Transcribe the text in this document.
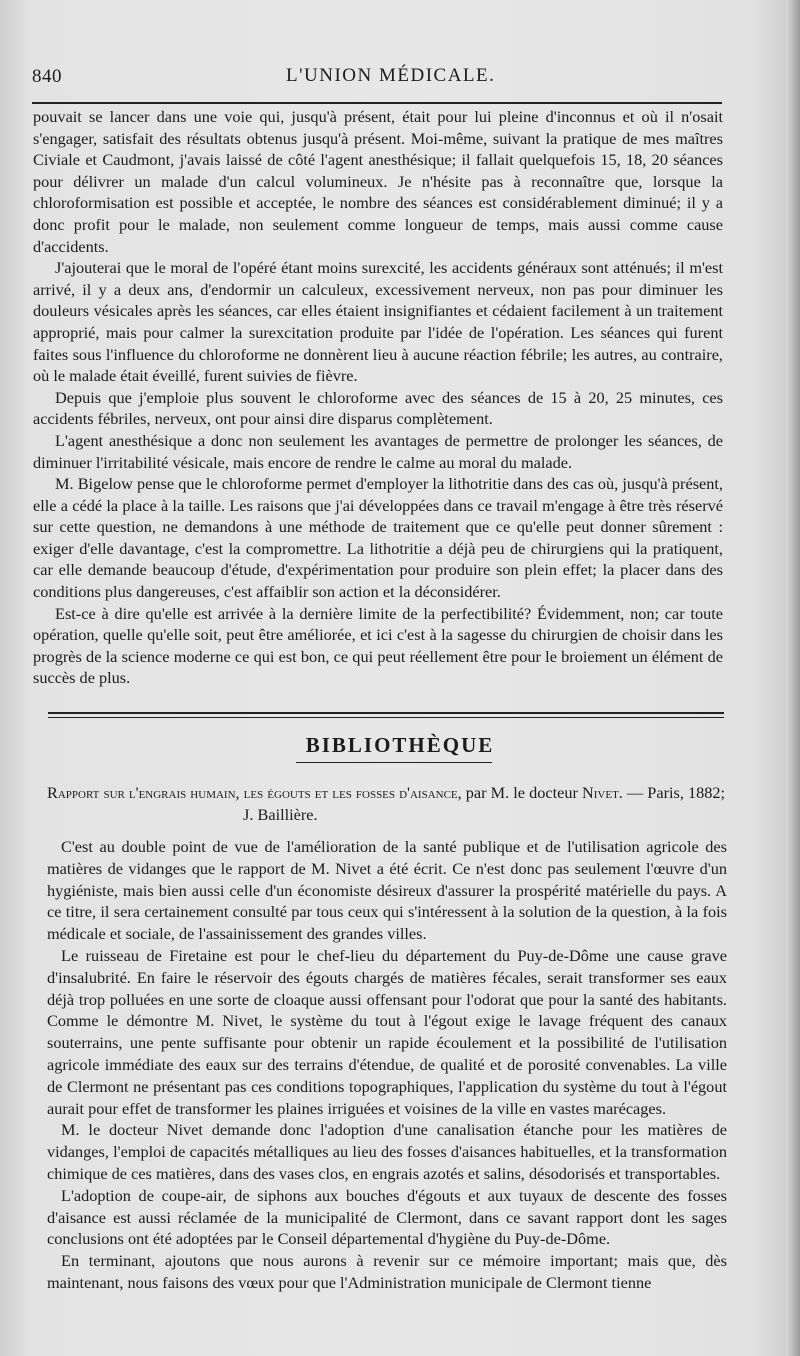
840	L'UNION MÉDICALE.

pouvait se lancer dans une voie qui, jusqu'à présent, était pour lui pleine d'inconnus et où il n'osait s'engager, satisfait des résultats obtenus jusqu'à présent. Moi-même, suivant la pratique de mes maîtres Civiale et Caudmont, j'avais laissé de côté l'agent anesthésique; il fallait quelquefois 15, 18, 20 séances pour délivrer un malade d'un calcul volumineux. Je n'hésite pas à reconnaître que, lorsque la chloroformisation est possible et acceptée, le nombre des séances est considérablement diminué; il y a donc profit pour le malade, non seulement comme longueur de temps, mais aussi comme cause d'accidents.

J'ajouterai que le moral de l'opéré étant moins surexcité, les accidents généraux sont atténués; il m'est arrivé, il y a deux ans, d'endormir un calculeux, excessivement nerveux, non pas pour diminuer les douleurs vésicales après les séances, car elles étaient insignifiantes et cédaient facilement à un traitement approprié, mais pour calmer la surexcitation produite par l'idée de l'opération. Les séances qui furent faites sous l'influence du chloroforme ne donnèrent lieu à aucune réaction fébrile; les autres, au contraire, où le malade était éveillé, furent suivies de fièvre.

Depuis que j'emploie plus souvent le chloroforme avec des séances de 15 à 20, 25 minutes, ces accidents fébriles, nerveux, ont pour ainsi dire disparus complètement.

L'agent anesthésique a donc non seulement les avantages de permettre de prolonger les séances, de diminuer l'irritabilité vésicale, mais encore de rendre le calme au moral du malade.

M. Bigelow pense que le chloroforme permet d'employer la lithotritie dans des cas où, jusqu'à présent, elle a cédé la place à la taille. Les raisons que j'ai développées dans ce travail m'engage à être très réservé sur cette question, ne demandons à une méthode de traitement que ce qu'elle peut donner sûrement : exiger d'elle davantage, c'est la compromettre. La lithotritie a déjà peu de chirurgiens qui la pratiquent, car elle demande beaucoup d'étude, d'expérimentation pour produire son plein effet; la placer dans des conditions plus dangereuses, c'est affaiblir son action et la déconsidérer.

Est-ce à dire qu'elle est arrivée à la dernière limite de la perfectibilité? Évidemment, non; car toute opération, quelle qu'elle soit, peut être améliorée, et ici c'est à la sagesse du chirurgien de choisir dans les progrès de la science moderne ce qui est bon, ce qui peut réellement être pour le broiement un élément de succès de plus.

BIBLIOTHÈQUE
Rapport sur l'engrais humain, les égouts et les fosses d'aisance, par M. le docteur Nivet. — Paris, 1882; J. Baillière.

C'est au double point de vue de l'amélioration de la santé publique et de l'utilisation agricole des matières de vidanges que le rapport de M. Nivet a été écrit. Ce n'est donc pas seulement l'œuvre d'un hygiéniste, mais bien aussi celle d'un économiste désireux d'assurer la prospérité matérielle du pays. A ce titre, il sera certainement consulté par tous ceux qui s'intéressent à la solution de la question, à la fois médicale et sociale, de l'assainissement des grandes villes.

Le ruisseau de Firetaine est pour le chef-lieu du département du Puy-de-Dôme une cause grave d'insalubrité. En faire le réservoir des égouts chargés de matières fécales, serait transformer ses eaux déjà trop polluées en une sorte de cloaque aussi offensant pour l'odorat que pour la santé des habitants. Comme le démontre M. Nivet, le système du tout à l'égout exige le lavage fréquent des canaux souterrains, une pente suffisante pour obtenir un rapide écoulement et la possibilité de l'utilisation agricole immédiate des eaux sur des terrains d'étendue, de qualité et de porosité convenables. La ville de Clermont ne présentant pas ces conditions topographiques, l'application du système du tout à l'égout aurait pour effet de transformer les plaines irriguées et voisines de la ville en vastes marécages.

M. le docteur Nivet demande donc l'adoption d'une canalisation étanche pour les matières de vidanges, l'emploi de capacités métalliques au lieu des fosses d'aisances habituelles, et la transformation chimique de ces matières, dans des vases clos, en engrais azotés et salins, désodorisés et transportables.

L'adoption de coupe-air, de siphons aux bouches d'égouts et aux tuyaux de descente des fosses d'aisance est aussi réclamée de la municipalité de Clermont, dans ce savant rapport dont les sages conclusions ont été adoptées par le Conseil départemental d'hygiène du Puy-de-Dôme.

En terminant, ajoutons que nous aurons à revenir sur ce mémoire important; mais que, dès maintenant, nous faisons des vœux pour que l'Administration municipale de Clermont tienne
